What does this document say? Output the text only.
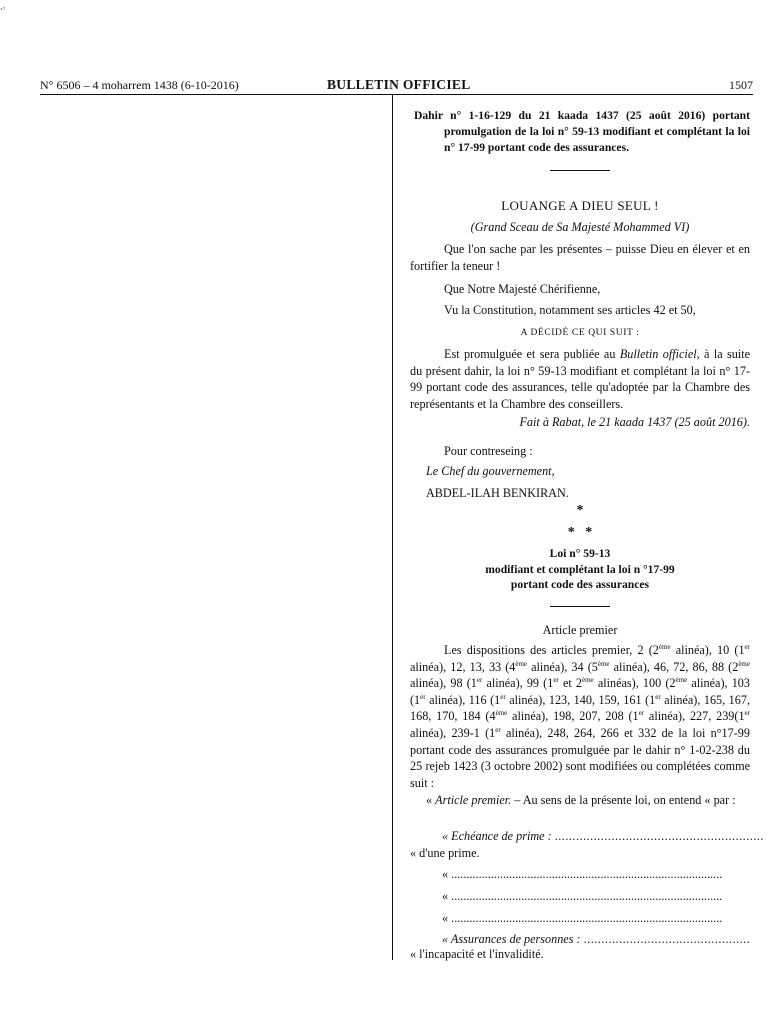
¸,
N° 6506 – 4 moharrem 1438 (6-10-2016)	BULLETIN OFFICIEL	1507
Dahir n° 1-16-129 du 21 kaada 1437 (25 août 2016) portant promulgation de la loi n° 59-13 modifiant et complétant la loi n° 17-99 portant code des assurances.
LOUANGE A DIEU SEUL !
(Grand Sceau de Sa Majesté Mohammed VI)
Que l'on sache par les présentes – puisse Dieu en élever et en fortifier la teneur !
Que Notre Majesté Chérifienne,
Vu la Constitution, notamment ses articles 42 et 50,
A DÉCIDÉ CE QUI SUIT :
Est promulguée et sera publiée au Bulletin officiel, à la suite du présent dahir, la loi n° 59-13 modifiant et complétant la loi n° 17-99 portant code des assurances, telle qu'adoptée par la Chambre des représentants et la Chambre des conseillers.
Fait à Rabat, le 21 kaada 1437 (25 août 2016).
Pour contreseing :
Le Chef du gouvernement,
ABDEL-ILAH BENKIRAN.
*
*   *
Loi n° 59-13
modifiant et complétant la loi n °17-99
portant code des assurances
Article premier
Les dispositions des articles premier, 2 (2ème alinéa), 10 (1er alinéa), 12, 13, 33 (4ème alinéa), 34 (5ème alinéa), 46, 72, 86, 88 (2ème alinéa), 98 (1er alinéa), 99 (1er et 2ème alinéas), 100 (2ème alinéa), 103 (1er alinéa), 116 (1er alinéa), 123, 140, 159, 161 (1er alinéa), 165, 167, 168, 170, 184 (4ème alinéa), 198, 207, 208 (1er alinéa), 227, 239(1er alinéa), 239-1 (1er alinéa), 248, 264, 266 et 332 de la loi n°17-99 portant code des assurances promulguée par le dahir n° 1-02-238 du 25 rejeb 1423 (3 octobre 2002) sont modifiées ou complétées comme suit :
« Article premier. – Au sens de la présente loi, on entend « par :
« Echéance de prime : ...........................................................
« d'une prime.
« .........................................................................................
« .........................................................................................
« .........................................................................................
« Assurances de personnes : ...............................................
« l'incapacité et l'invalidité.
